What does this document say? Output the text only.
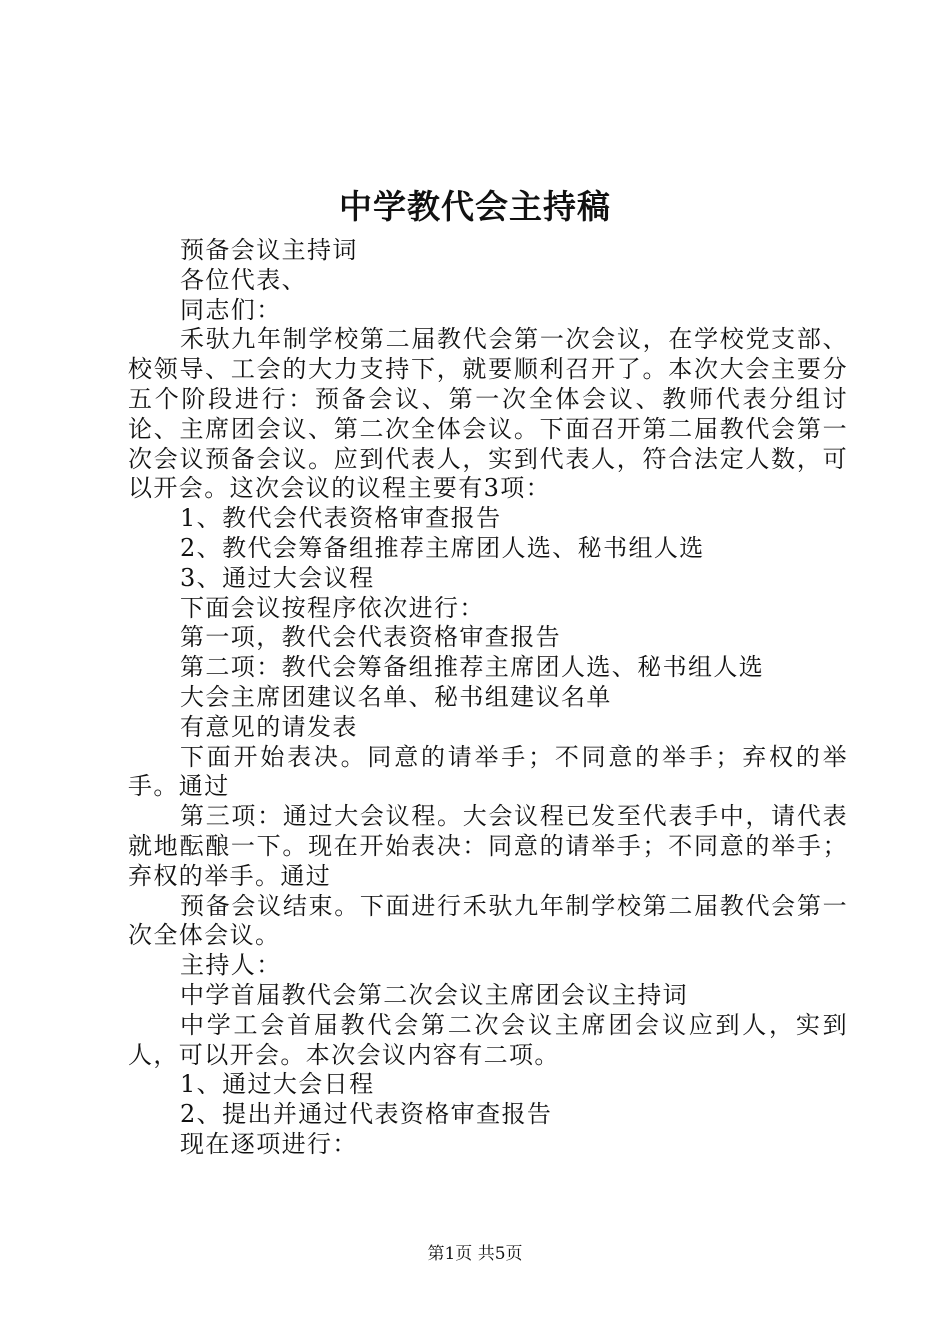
中学教代会主持稿

预备会议主持词

各位代表、

同志们：

禾驮九年制学校第二届教代会第一次会议，在学校党支部、校领导、工会的大力支持下，就要顺利召开了。本次大会主要分五个阶段进行：预备会议、第一次全体会议、教师代表分组讨论、主席团会议、第二次全体会议。下面召开第二届教代会第一次会议预备会议。应到代表人，实到代表人，符合法定人数，可以开会。这次会议的议程主要有3项：

1、教代会代表资格审查报告

2、教代会筹备组推荐主席团人选、秘书组人选

3、通过大会议程

下面会议按程序依次进行：

第一项，教代会代表资格审查报告

第二项：教代会筹备组推荐主席团人选、秘书组人选

大会主席团建议名单、秘书组建议名单

有意见的请发表

下面开始表决。同意的请举手；不同意的举手；弃权的举手。通过

第三项：通过大会议程。大会议程已发至代表手中，请代表就地酝酿一下。现在开始表决：同意的请举手；不同意的举手；弃权的举手。通过

预备会议结束。下面进行禾驮九年制学校第二届教代会第一次全体会议。

主持人：

中学首届教代会第二次会议主席团会议主持词

中学工会首届教代会第二次会议主席团会议应到人，实到人，可以开会。本次会议内容有二项。

1、通过大会日程

2、提出并通过代表资格审查报告

现在逐项进行：

第1页 共5页
